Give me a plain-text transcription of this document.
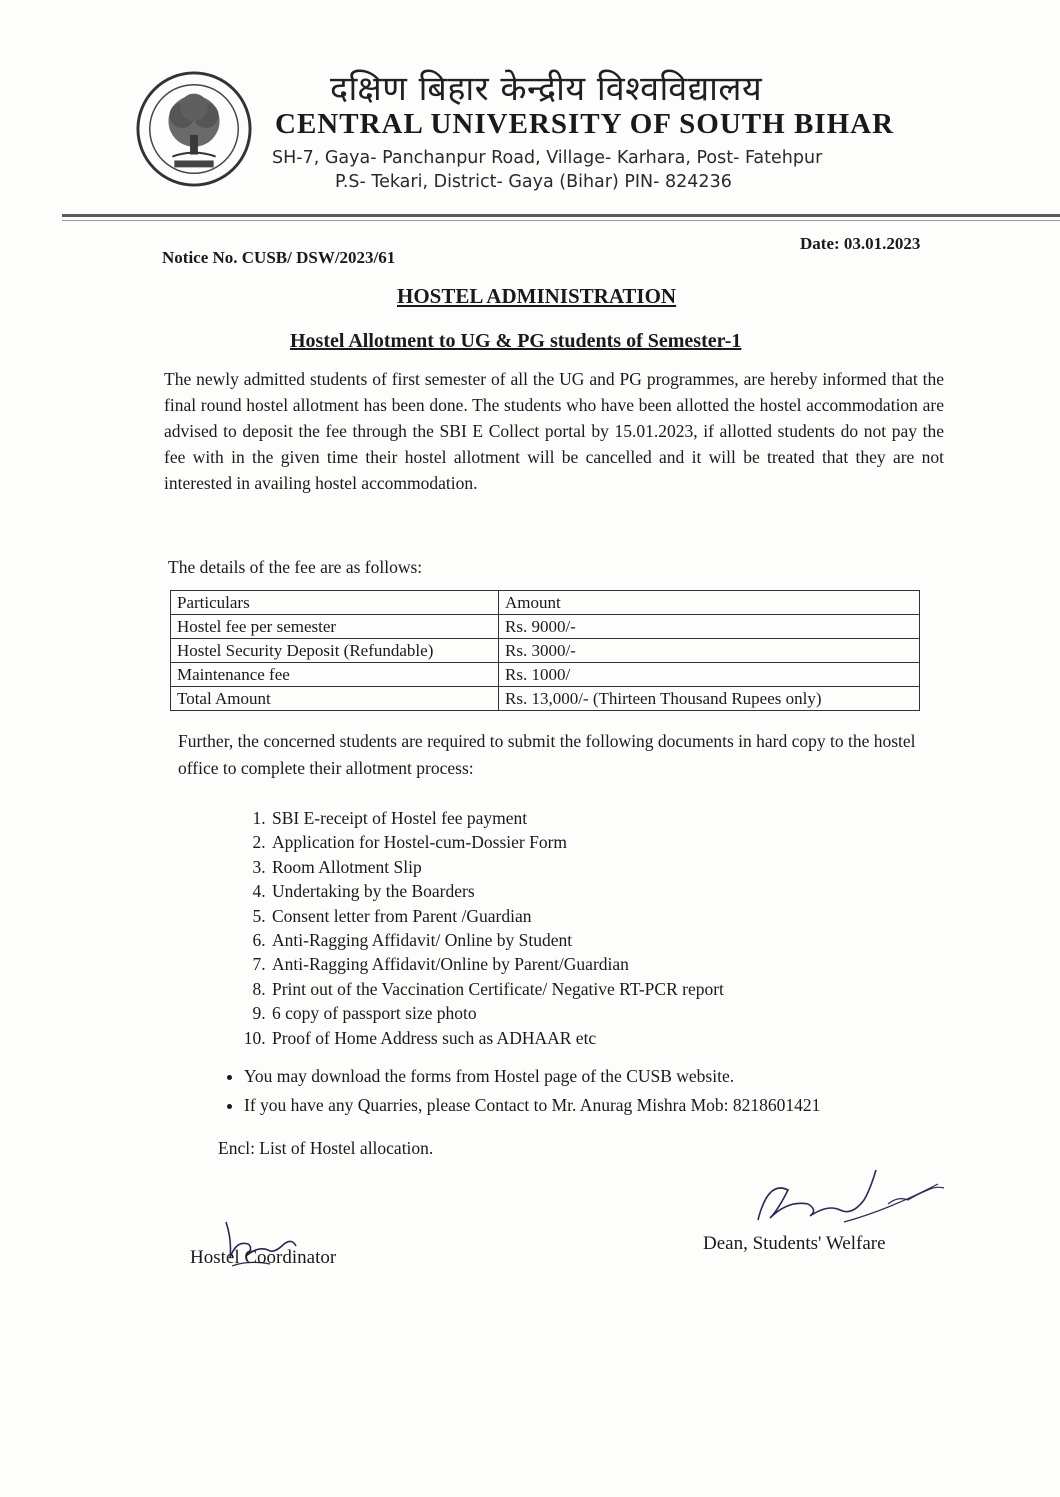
दक्षिण बिहार केन्द्रीय विश्वविद्यालय
CENTRAL UNIVERSITY OF SOUTH BIHAR
SH-7, Gaya- Panchanpur Road, Village- Karhara, Post- Fatehpur
P.S- Tekari, District- Gaya (Bihar) PIN- 824236
Notice No. CUSB/ DSW/2023/61
Date: 03.01.2023
HOSTEL ADMINISTRATION
Hostel Allotment to UG & PG students of Semester-1
The newly admitted students of first semester of all the UG and PG programmes, are hereby informed that the final round hostel allotment has been done. The students who have been allotted the hostel accommodation are advised to deposit the fee through the SBI E Collect portal by 15.01.2023, if allotted students do not pay the fee with in the given time their hostel allotment will be cancelled and it will be treated that they are not interested in availing hostel accommodation.
The details of the fee are as follows:
Particulars	Amount
Hostel fee per semester	Rs. 9000/-
Hostel Security Deposit (Refundable)	Rs. 3000/-
Maintenance fee	Rs. 1000/
Total Amount	Rs. 13,000/- (Thirteen Thousand Rupees only)
Further, the concerned students are required to submit the following documents in hard copy to the hostel office to complete their allotment process:
1. SBI E-receipt of Hostel fee payment
2. Application for Hostel-cum-Dossier Form
3. Room Allotment Slip
4. Undertaking by the Boarders
5. Consent letter from Parent /Guardian
6. Anti-Ragging Affidavit/ Online by Student
7. Anti-Ragging Affidavit/Online by Parent/Guardian
8. Print out of the Vaccination Certificate/ Negative RT-PCR report
9. 6 copy of passport size photo
10. Proof of Home Address such as ADHAAR etc
• You may download the forms from Hostel page of the CUSB website.
• If you have any Quarries, please Contact to Mr. Anurag Mishra Mob: 8218601421
Encl: List of Hostel allocation.
Hostel Coordinator
Dean, Students' Welfare
